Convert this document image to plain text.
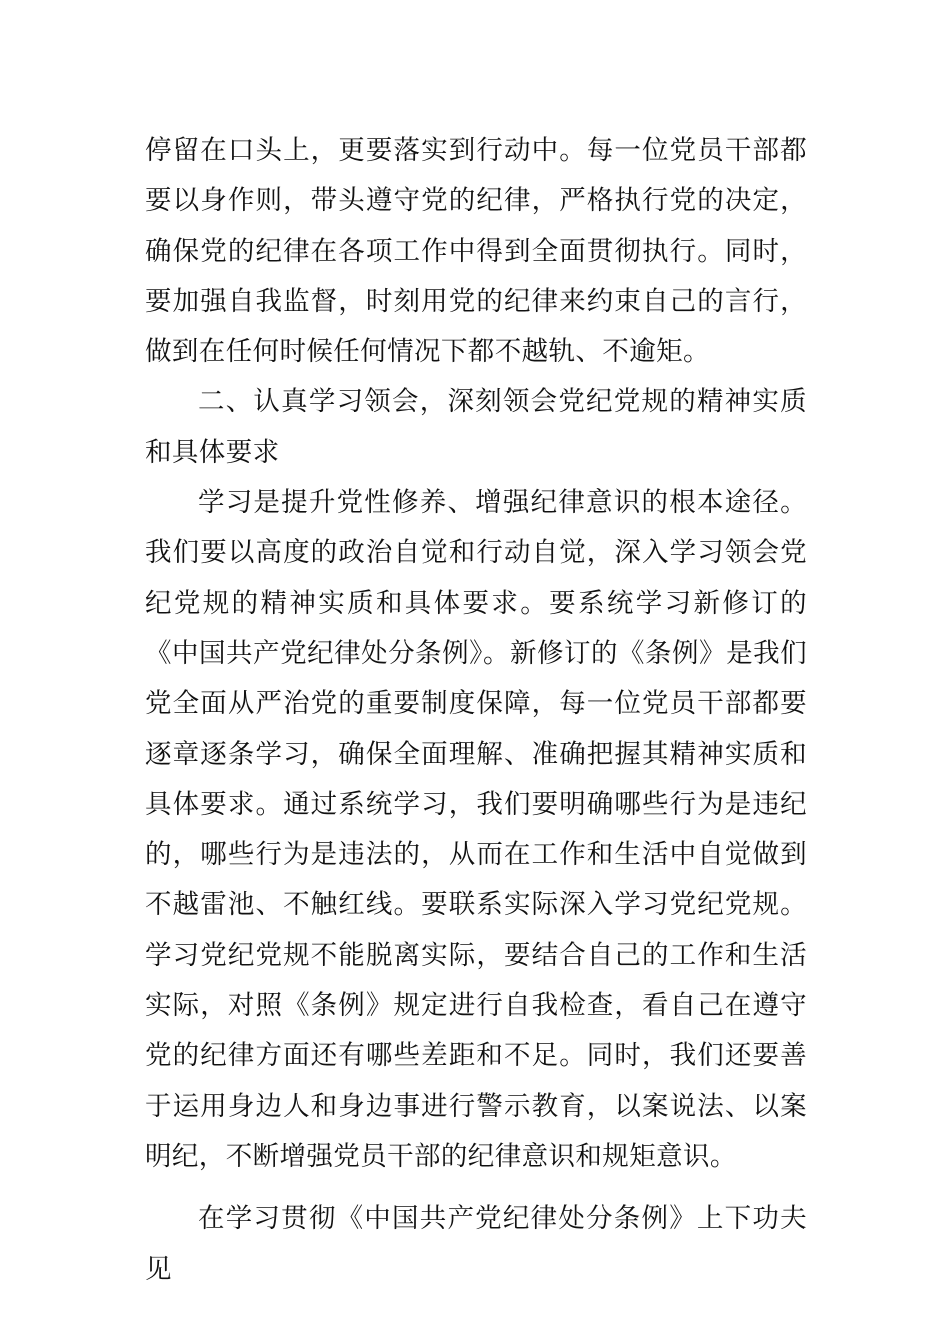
停留在口头上，更要落实到行动中。每一位党员干部都要以身作则，带头遵守党的纪律，严格执行党的决定，确保党的纪律在各项工作中得到全面贯彻执行。同时，要加强自我监督，时刻用党的纪律来约束自己的言行，做到在任何时候任何情况下都不越轨、不逾矩。

二、认真学习领会，深刻领会党纪党规的精神实质和具体要求

学习是提升党性修养、增强纪律意识的根本途径。我们要以高度的政治自觉和行动自觉，深入学习领会党纪党规的精神实质和具体要求。要系统学习新修订的《中国共产党纪律处分条例》。新修订的《条例》是我们党全面从严治党的重要制度保障，每一位党员干部都要逐章逐条学习，确保全面理解、准确把握其精神实质和具体要求。通过系统学习，我们要明确哪些行为是违纪的，哪些行为是违法的，从而在工作和生活中自觉做到不越雷池、不触红线。要联系实际深入学习党纪党规。学习党纪党规不能脱离实际，要结合自己的工作和生活实际，对照《条例》规定进行自我检查，看自己在遵守党的纪律方面还有哪些差距和不足。同时，我们还要善于运用身边人和身边事进行警示教育，以案说法、以案明纪，不断增强党员干部的纪律意识和规矩意识。

在学习贯彻《中国共产党纪律处分条例》上下功夫见
